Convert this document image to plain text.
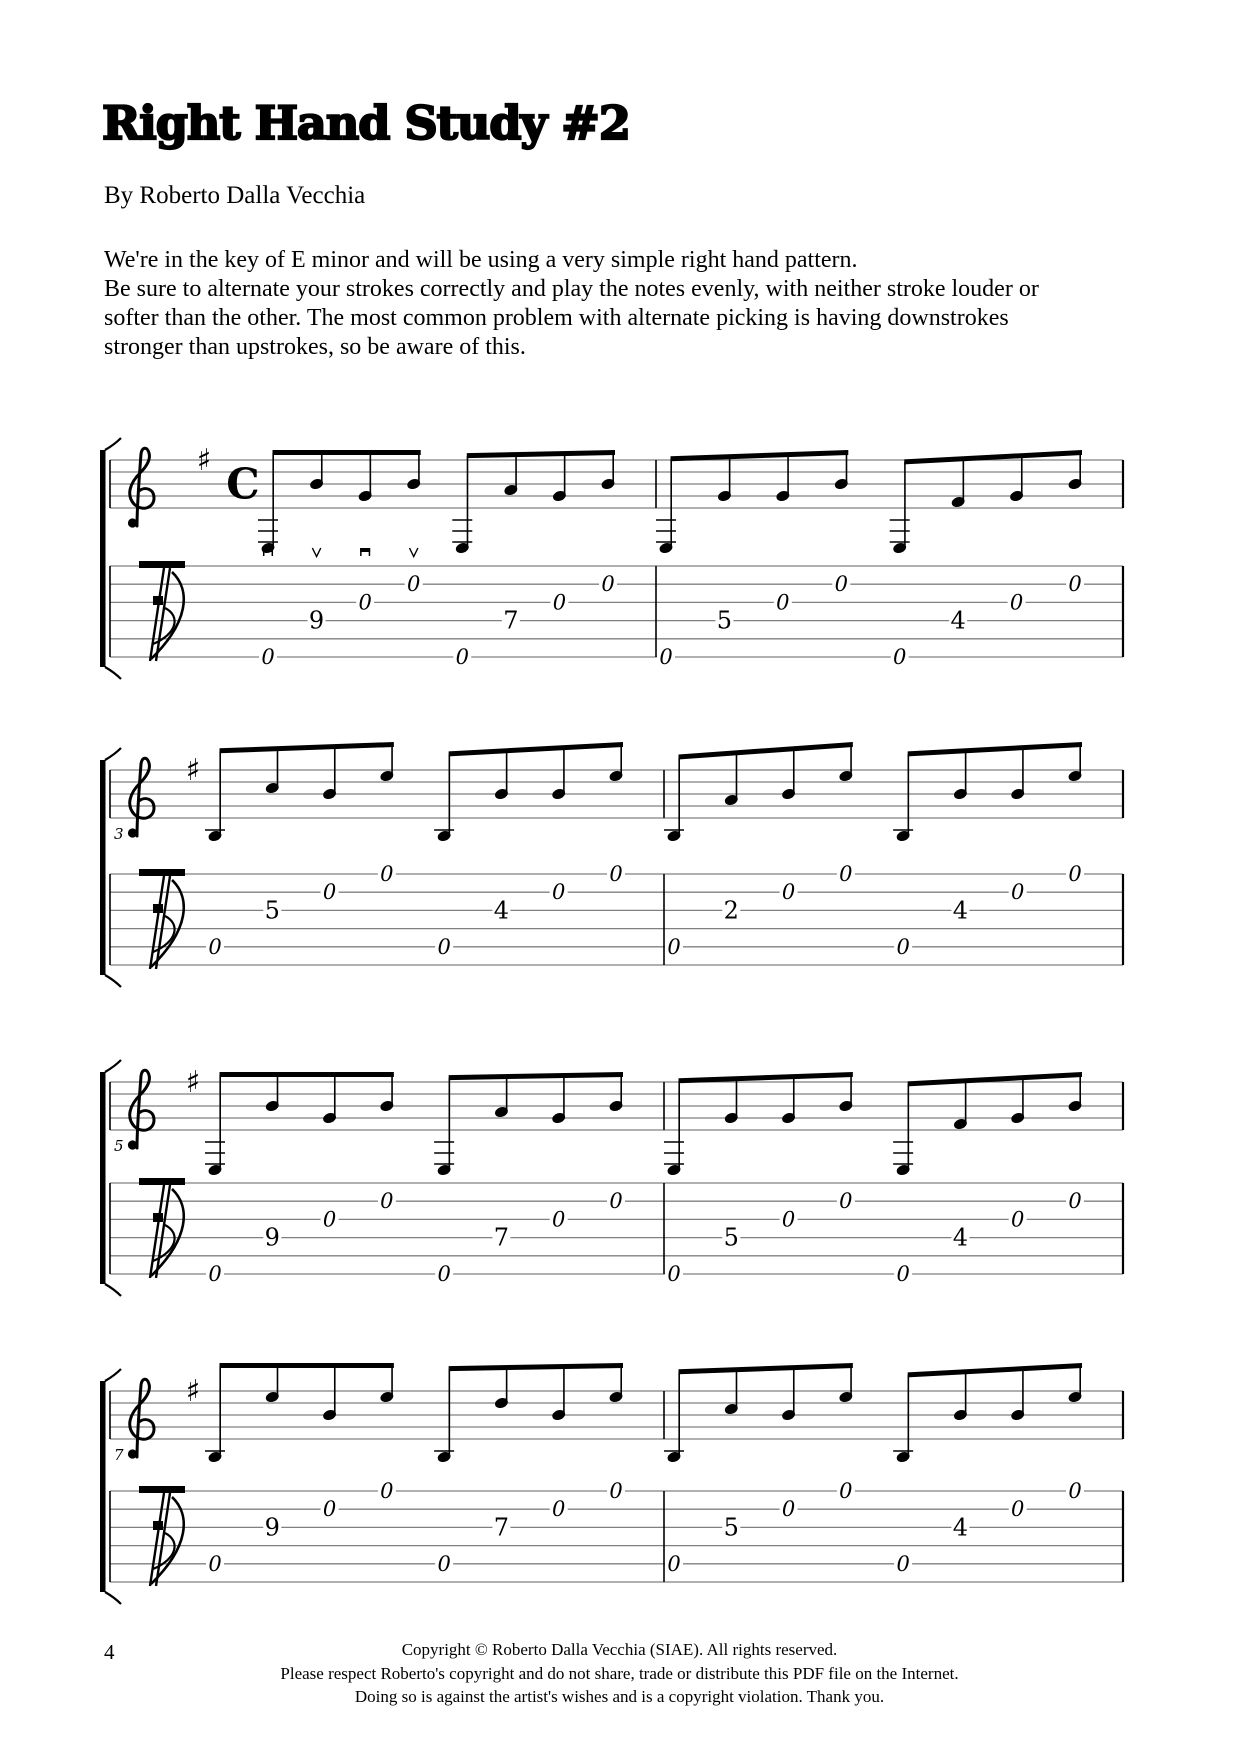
Right Hand Study #2
By Roberto Dalla Vecchia
We're in the key of E minor and will be using a very simple right hand pattern.
Be sure to alternate your strokes correctly and play the notes evenly, with neither stroke louder or
softer than the other. The most common problem with alternate picking is having downstrokes
stronger than upstrokes, so be aware of this.
♯ C
0
9
0
0
0
7
0
0
0
5
0
0
0
4
0
0
♯
3
0
5
0
0
0
4
0
0
0
2
0
0
0
4
0
0
♯
5
0
9
0
0
0
7
0
0
0
5
0
0
0
4
0
0
♯
7
0
9
0
0
0
7
0
0
0
5
0
0
0
4
0
0
4	Copyright © Roberto Dalla Vecchia (SIAE). All rights reserved.
Please respect Roberto's copyright and do not share, trade or distribute this PDF file on the Internet.
Doing so is against the artist's wishes and is a copyright violation. Thank you.
